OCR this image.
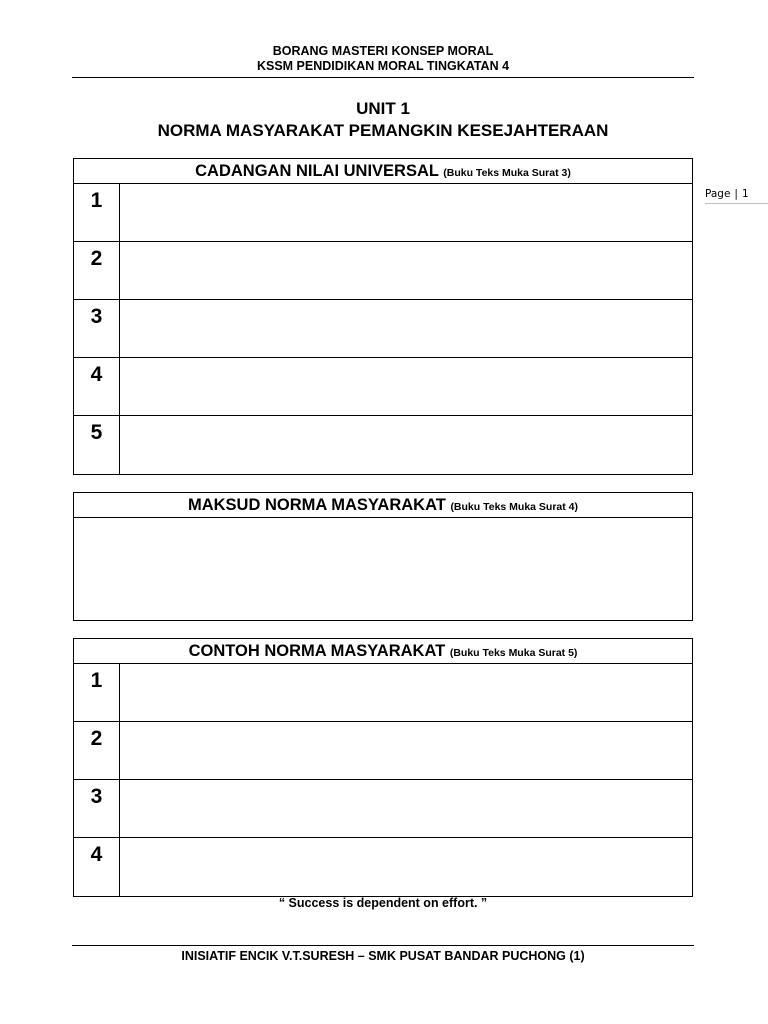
BORANG MASTERI KONSEP MORAL
KSSM PENDIDIKAN MORAL TINGKATAN 4
UNIT 1
NORMA MASYARAKAT PEMANGKIN KESEJAHTERAAN
Page | 1
CADANGAN NILAI UNIVERSAL (Buku Teks Muka Surat 3)
1
2
3
4
5
MAKSUD NORMA MASYARAKAT (Buku Teks Muka Surat 4)
CONTOH NORMA MASYARAKAT (Buku Teks Muka Surat 5)
1
2
3
4
“ Success is dependent on effort. ”
INISIATIF ENCIK V.T.SURESH – SMK PUSAT BANDAR PUCHONG (1)
